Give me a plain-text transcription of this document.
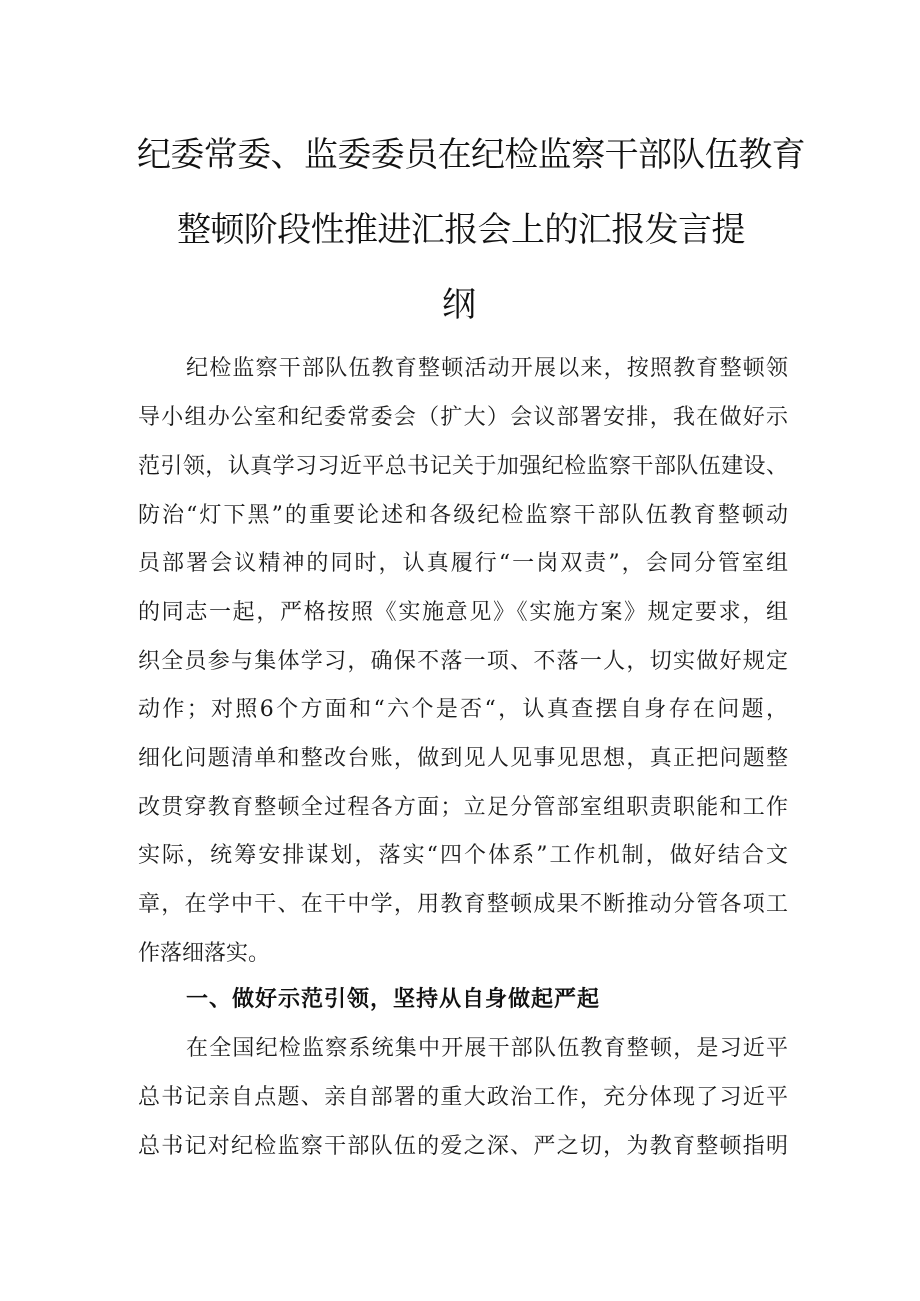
纪委常委、监委委员在纪检监察干部队伍教育
整顿阶段性推进汇报会上的汇报发言提
纲
纪检监察干部队伍教育整顿活动开展以来，按照教育整顿领
导小组办公室和纪委常委会（扩大）会议部署安排，我在做好示
范引领，认真学习习近平总书记关于加强纪检监察干部队伍建设、
防治“灯下黑”的重要论述和各级纪检监察干部队伍教育整顿动
员部署会议精神的同时，认真履行“一岗双责”，会同分管室组
的同志一起，严格按照《实施意见》《实施方案》规定要求，组
织全员参与集体学习，确保不落一项、不落一人，切实做好规定
动作；对照6个方面和“六个是否“，认真查摆自身存在问题，
细化问题清单和整改台账，做到见人见事见思想，真正把问题整
改贯穿教育整顿全过程各方面；立足分管部室组职责职能和工作
实际，统筹安排谋划，落实“四个体系”工作机制，做好结合文
章，在学中干、在干中学，用教育整顿成果不断推动分管各项工
作落细落实。
一、做好示范引领，坚持从自身做起严起
在全国纪检监察系统集中开展干部队伍教育整顿，是习近平
总书记亲自点题、亲自部署的重大政治工作，充分体现了习近平
总书记对纪检监察干部队伍的爱之深、严之切，为教育整顿指明
